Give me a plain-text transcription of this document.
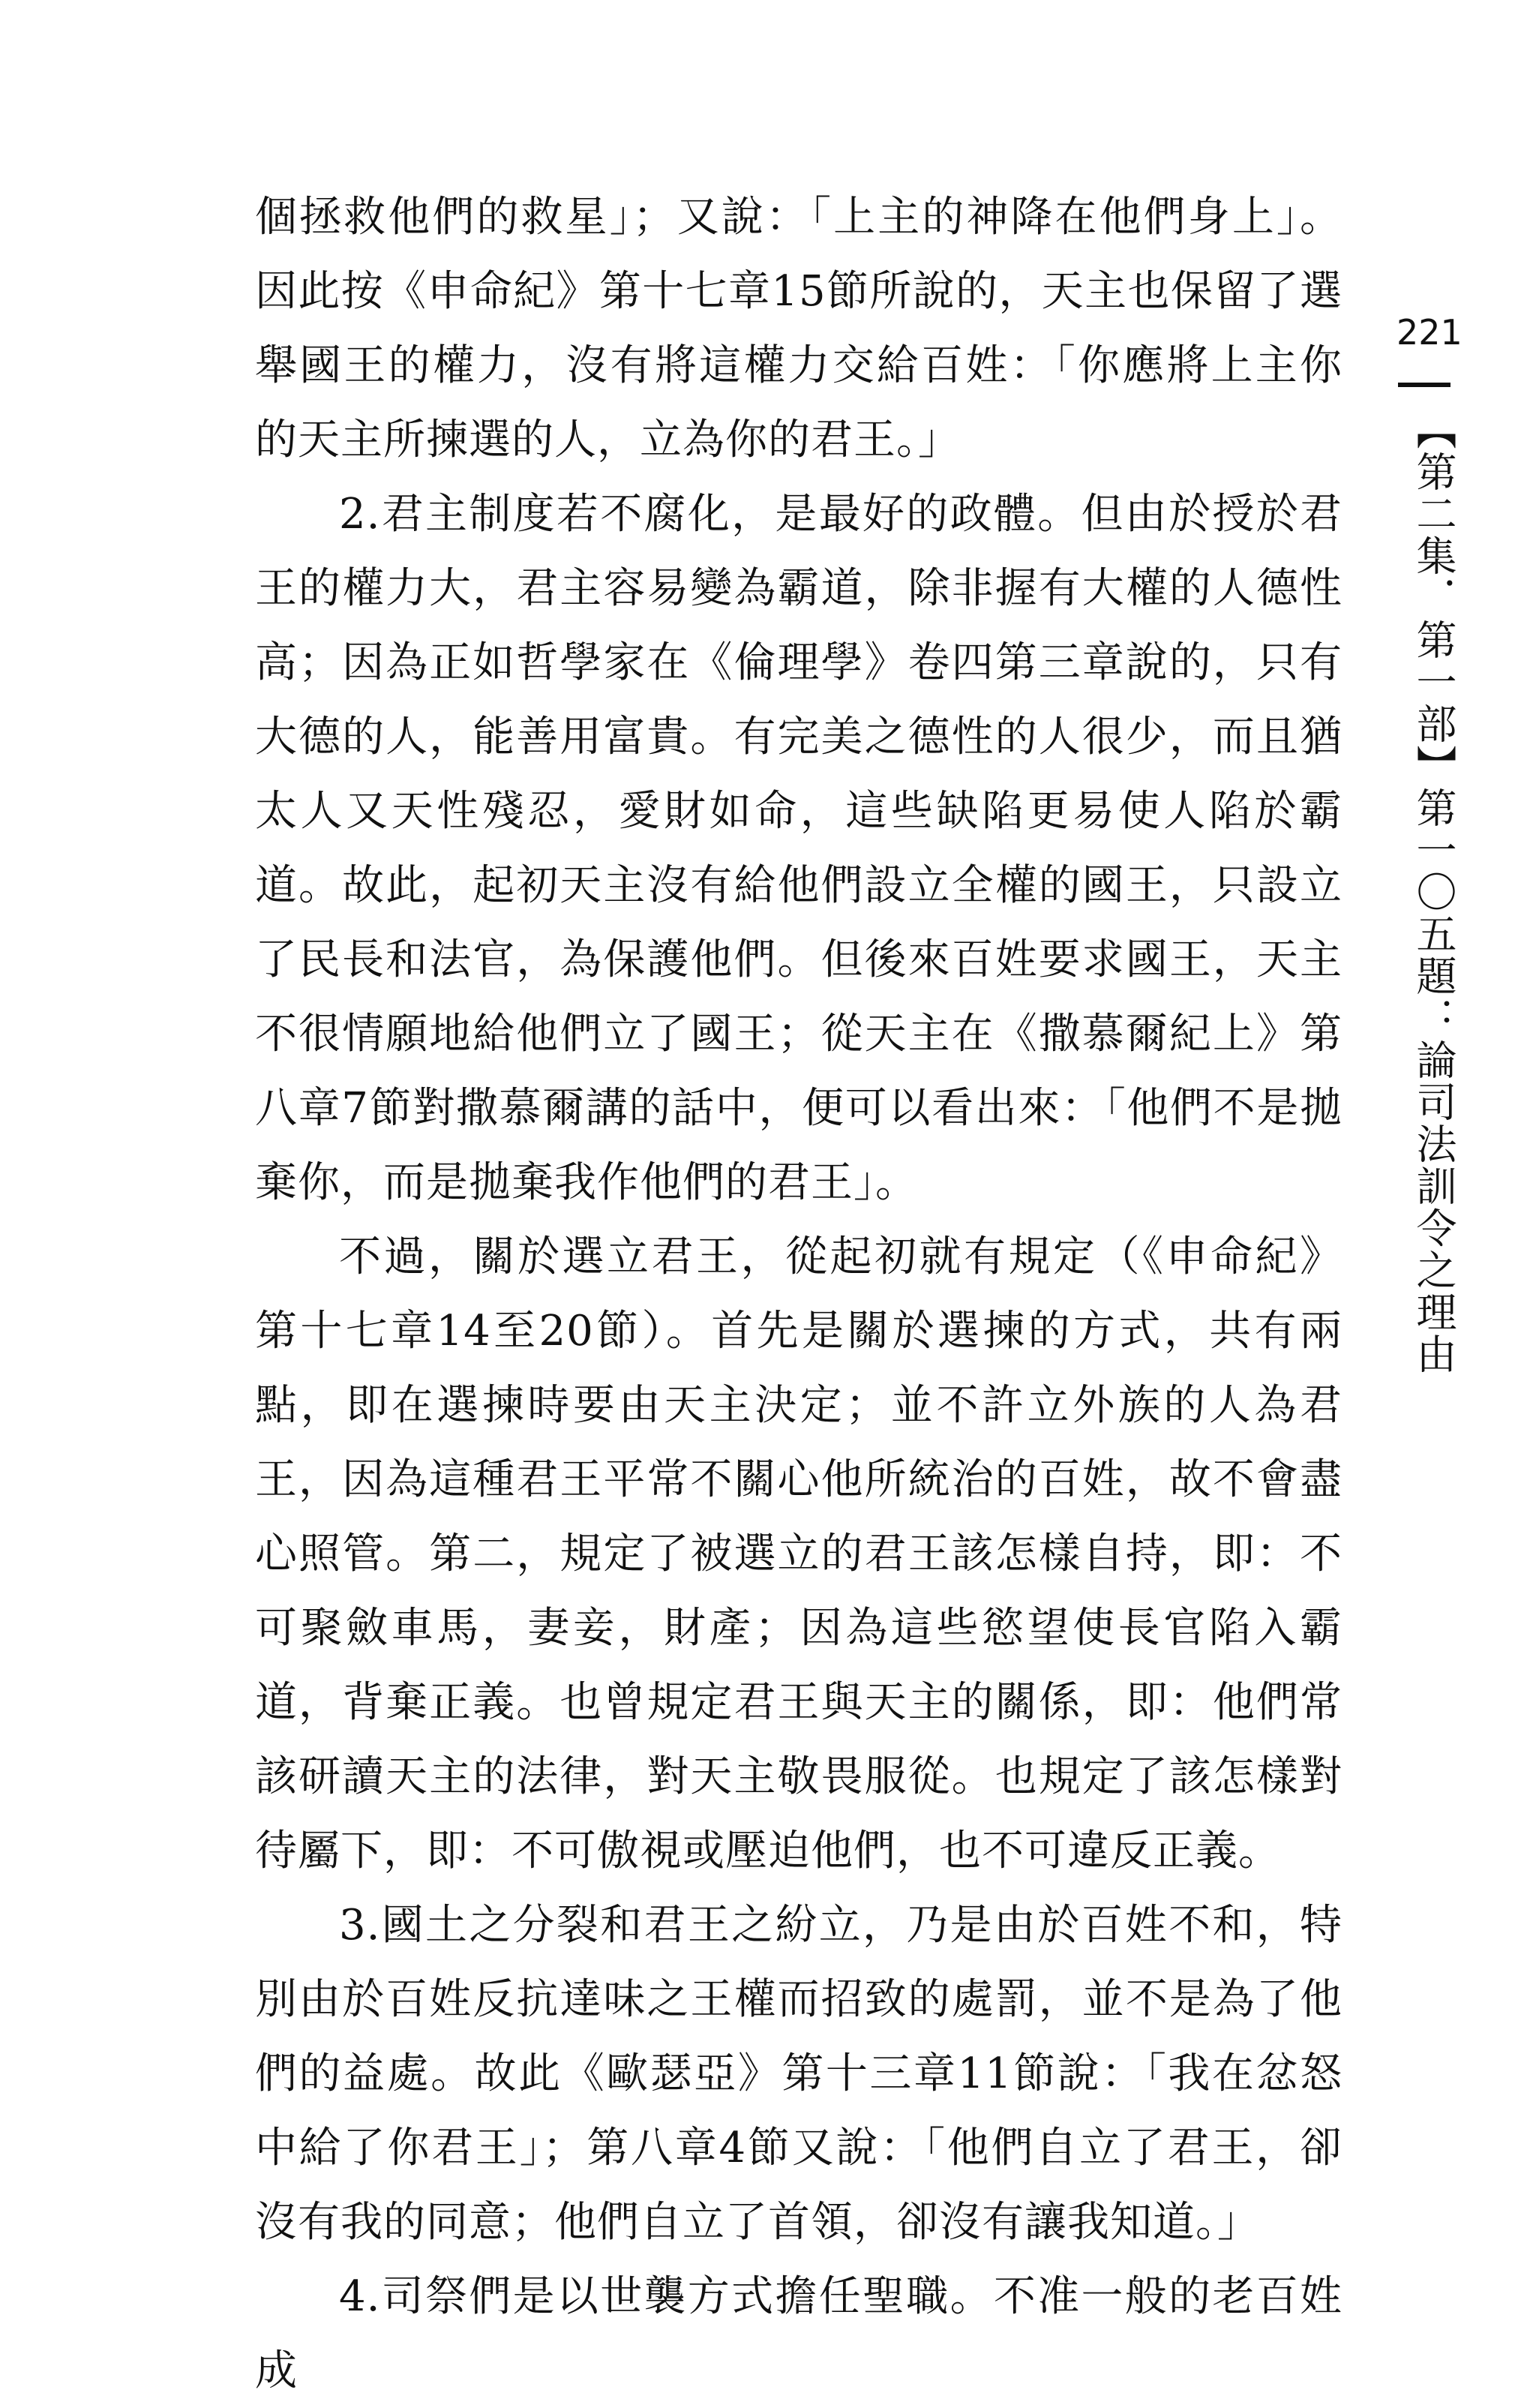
個拯救他們的救星」；又說：「上主的神降在他們身上」。因此按《申命紀》第十七章15節所說的，天主也保留了選舉國王的權力，沒有將這權力交給百姓：「你應將上主你的天主所揀選的人，立為你的君王。」

2.君主制度若不腐化，是最好的政體。但由於授於君王的權力大，君主容易變為霸道，除非握有大權的人德性高；因為正如哲學家在《倫理學》卷四第三章說的，只有大德的人，能善用富貴。有完美之德性的人很少，而且猶太人又天性殘忍，愛財如命，這些缺陷更易使人陷於霸道。故此，起初天主沒有給他們設立全權的國王，只設立了民長和法官，為保護他們。但後來百姓要求國王，天主不很情願地給他們立了國王；從天主在《撒慕爾紀上》第八章7節對撒慕爾講的話中，便可以看出來：「他們不是拋棄你，而是拋棄我作他們的君王」。

不過，關於選立君王，從起初就有規定（《申命紀》第十七章14至20節）。首先是關於選揀的方式，共有兩點，即在選揀時要由天主決定；並不許立外族的人為君王，因為這種君王平常不關心他所統治的百姓，故不會盡心照管。第二，規定了被選立的君王該怎樣自持，即：不可聚斂車馬，妻妾，財產；因為這些慾望使長官陷入霸道，背棄正義。也曾規定君王與天主的關係，即：他們常該研讀天主的法律，對天主敬畏服從。也規定了該怎樣對待屬下，即：不可傲視或壓迫他們，也不可違反正義。

3.國土之分裂和君王之紛立，乃是由於百姓不和，特別由於百姓反抗達味之王權而招致的處罰，並不是為了他們的益處。故此《歐瑟亞》第十三章11節說：「我在忿怒中給了你君王」；第八章4節又說：「他們自立了君王，卻沒有我的同意；他們自立了首領，卻沒有讓我知道。」

4.司祭們是以世襲方式擔任聖職。不准一般的老百姓成

221
【第二集．第一部】第一〇五題：論司法訓令之理由
